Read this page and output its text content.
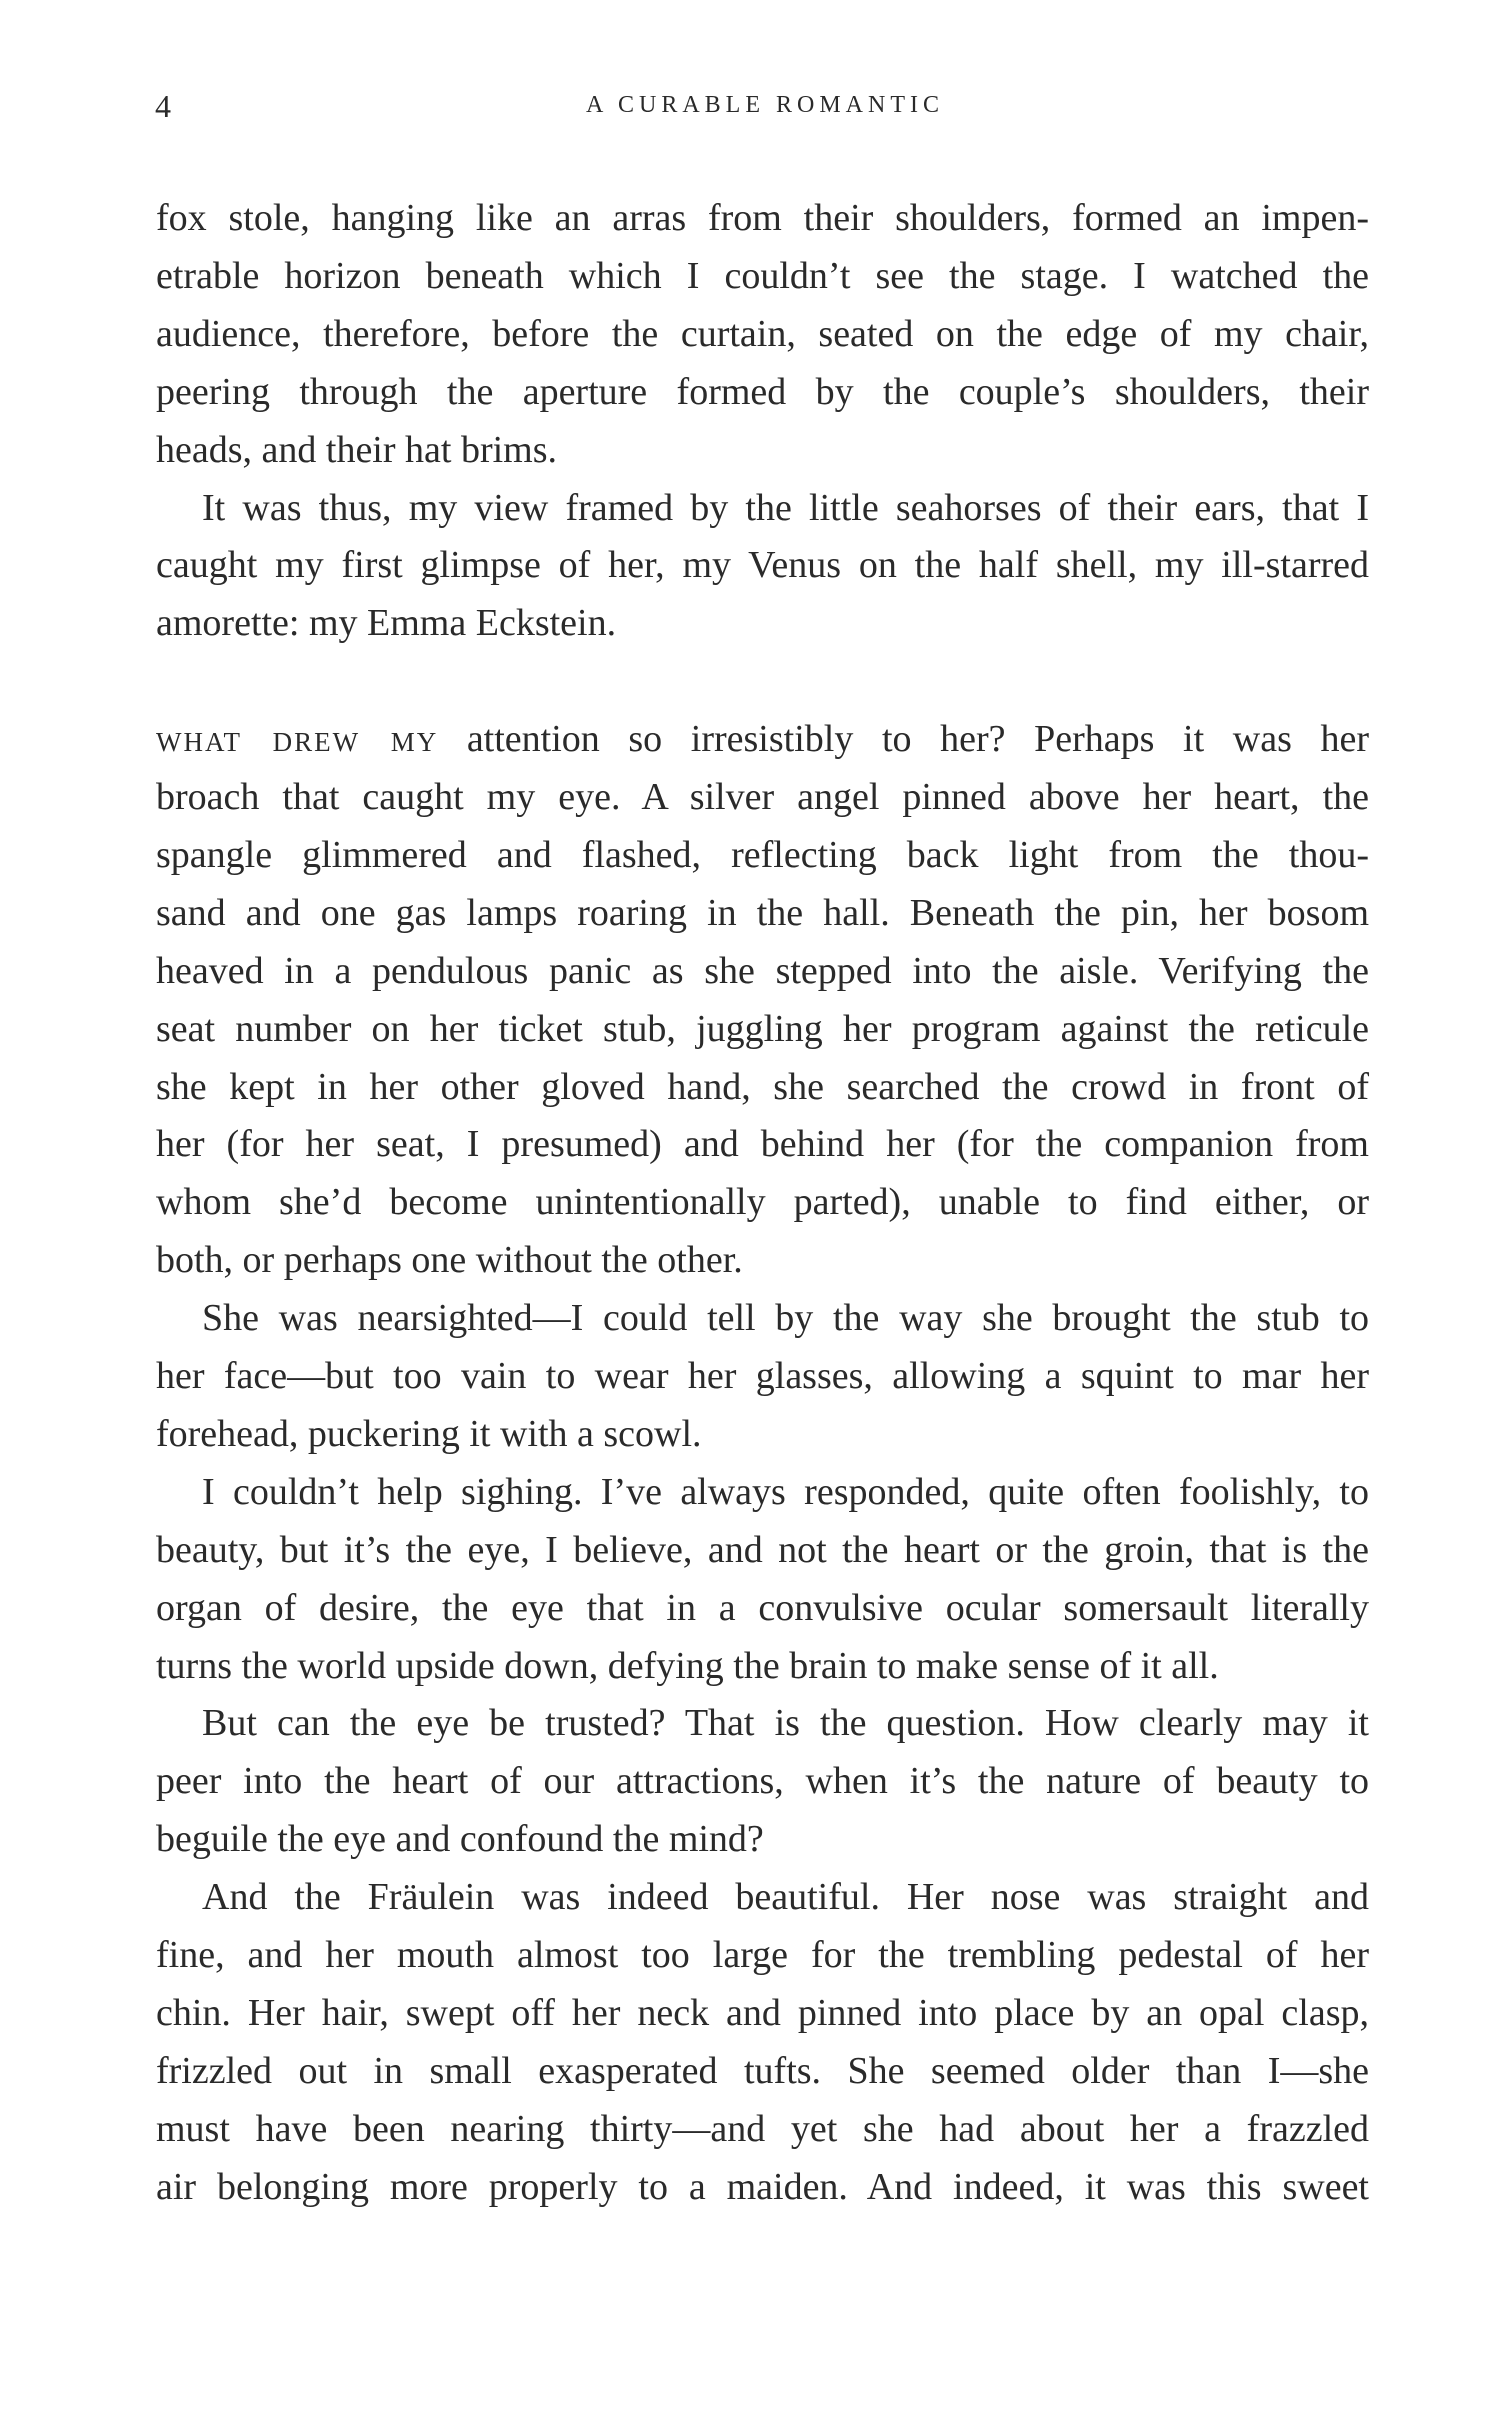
4	A CURABLE ROMANTIC
fox stole, hanging like an arras from their shoulders, formed an impen-
etrable horizon beneath which I couldn’t see the stage. I watched the
audience, therefore, before the curtain, seated on the edge of my chair,
peering through the aperture formed by the couple’s shoulders, their
heads, and their hat brims.
It was thus, my view framed by the little seahorses of their ears, that I
caught my first glimpse of her, my Venus on the half shell, my ill-starred
amorette: my Emma Eckstein.
what drew my attention so irresistibly to her? Perhaps it was her
broach that caught my eye. A silver angel pinned above her heart, the
spangle glimmered and flashed, reflecting back light from the thou-
sand and one gas lamps roaring in the hall. Beneath the pin, her bosom
heaved in a pendulous panic as she stepped into the aisle. Verifying the
seat number on her ticket stub, juggling her program against the reticule
she kept in her other gloved hand, she searched the crowd in front of
her (for her seat, I presumed) and behind her (for the companion from
whom she’d become unintentionally parted), unable to find either, or
both, or perhaps one without the other.
She was nearsighted—I could tell by the way she brought the stub to
her face—but too vain to wear her glasses, allowing a squint to mar her
forehead, puckering it with a scowl.
I couldn’t help sighing. I’ve always responded, quite often foolishly, to
beauty, but it’s the eye, I believe, and not the heart or the groin, that is the
organ of desire, the eye that in a convulsive ocular somersault literally
turns the world upside down, defying the brain to make sense of it all.
But can the eye be trusted? That is the question. How clearly may it
peer into the heart of our attractions, when it’s the nature of beauty to
beguile the eye and confound the mind?
And the Fräulein was indeed beautiful. Her nose was straight and
fine, and her mouth almost too large for the trembling pedestal of her
chin. Her hair, swept off her neck and pinned into place by an opal clasp,
frizzled out in small exasperated tufts. She seemed older than I—she
must have been nearing thirty—and yet she had about her a frazzled
air belonging more properly to a maiden. And indeed, it was this sweet
